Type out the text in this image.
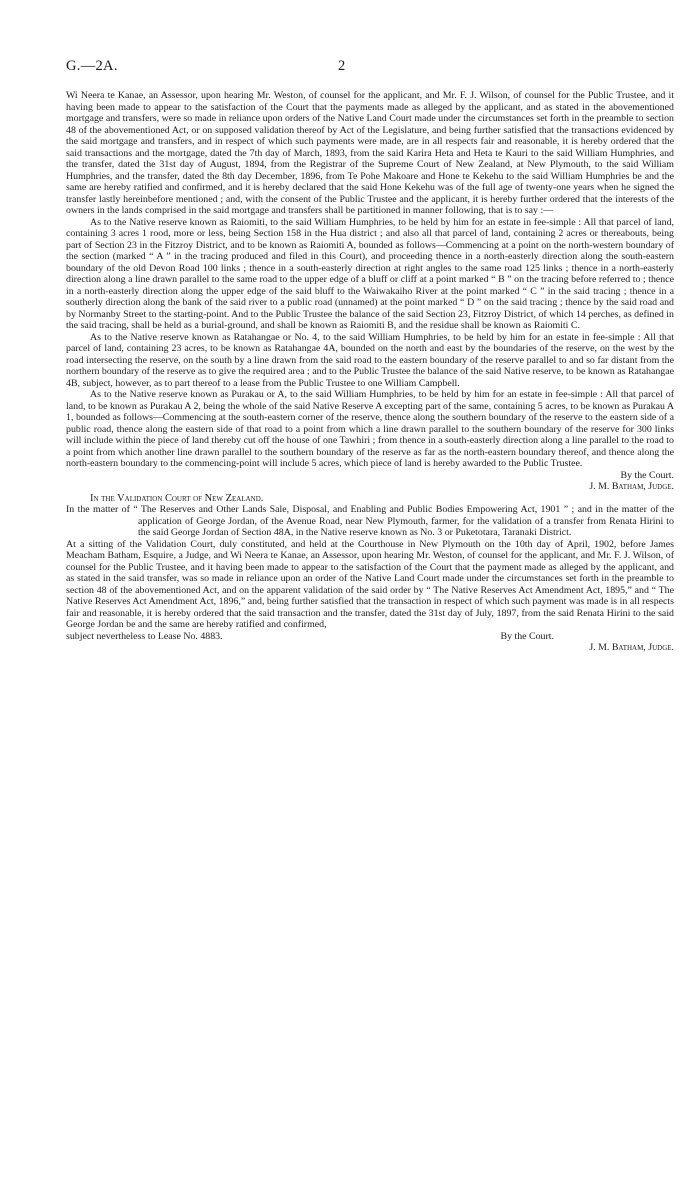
G.—2A.	2

Wi Neera te Kanae, an Assessor, upon hearing Mr. Weston, of counsel for the applicant, and Mr. F. J. Wilson, of counsel for the Public Trustee, and it having been made to appear to the satisfaction of the Court that the payments made as alleged by the applicant, and as stated in the abovementioned mortgage and transfers, were so made in reliance upon orders of the Native Land Court made under the circumstances set forth in the preamble to section 48 of the abovementioned Act, or on supposed validation thereof by Act of the Legislature, and being further satisfied that the transactions evidenced by the said mortgage and transfers, and in respect of which such payments were made, are in all respects fair and reasonable, it is hereby ordered that the said transactions and the mortgage, dated the 7th day of March, 1893, from the said Karira Heta and Heta te Kauri to the said William Humphries, and the transfer, dated the 31st day of August, 1894, from the Registrar of the Supreme Court of New Zealand, at New Plymouth, to the said William Humphries, and the transfer, dated the 8th day December, 1896, from Te Pohe Makoare and Hone te Kekehu to the said William Humphries be and the same are hereby ratified and confirmed, and it is hereby declared that the said Hone Kekehu was of the full age of twenty-one years when he signed the transfer lastly hereinbefore mentioned ; and, with the consent of the Public Trustee and the applicant, it is hereby further ordered that the interests of the owners in the lands comprised in the said mortgage and transfers shall be partitioned in manner following, that is to say :—

As to the Native reserve known as Raiomiti, to the said William Humphries, to be held by him for an estate in fee-simple : All that parcel of land, containing 3 acres 1 rood, more or less, being Section 158 in the Hua district ; and also all that parcel of land, containing 2 acres or thereabouts, being part of Section 23 in the Fitzroy District, and to be known as Raiomiti A, bounded as follows—Commencing at a point on the north-western boundary of the section (marked “ A ” in the tracing produced and filed in this Court), and proceeding thence in a north-easterly direction along the south-eastern boundary of the old Devon Road 100 links ; thence in a south-easterly direction at right angles to the same road 125 links ; thence in a north-easterly direction along a line drawn parallel to the same road to the upper edge of a bluff or cliff at a point marked “ B ” on the tracing before referred to ; thence in a north-easterly direction along the upper edge of the said bluff to the Waiwakaiho River at the point marked “ C ” in the said tracing ; thence in a southerly direction along the bank of the said river to a public road (unnamed) at the point marked “ D ” on the said tracing ; thence by the said road and by Normanby Street to the starting-point. And to the Public Trustee the balance of the said Section 23, Fitzroy District, of which 14 perches, as defined in the said tracing, shall be held as a burial-ground, and shall be known as Raiomiti B, and the residue shall be known as Raiomiti C.

As to the Native reserve known as Ratahangae or No. 4, to the said William Humphries, to be held by him for an estate in fee-simple : All that parcel of land, containing 23 acres, to be known as Ratahangae 4A, bounded on the north and east by the boundaries of the reserve, on the west by the road intersecting the reserve, on the south by a line drawn from the said road to the eastern boundary of the reserve parallel to and so far distant from the northern boundary of the reserve as to give the required area ; and to the Public Trustee the balance of the said Native reserve, to be known as Ratahangae 4B, subject, however, as to part thereof to a lease from the Public Trustee to one William Campbell.

As to the Native reserve known as Purakau or A, to the said William Humphries, to be held by him for an estate in fee-simple : All that parcel of land, to be known as Purakau A 2, being the whole of the said Native Reserve A excepting part of the same, containing 5 acres, to be known as Purakau A 1, bounded as follows—Commencing at the south-eastern corner of the reserve, thence along the southern boundary of the reserve to the eastern side of a public road, thence along the eastern side of that road to a point from which a line drawn parallel to the southern boundary of the reserve for 300 links will include within the piece of land thereby cut off the house of one Tawhiri ; from thence in a south-easterly direction along a line parallel to the road to a point from which another line drawn parallel to the southern boundary of the reserve as far as the north-eastern boundary thereof, and thence along the north-eastern boundary to the commencing-point will include 5 acres, which piece of land is hereby awarded to the Public Trustee.

By the Court.

J. M. Batham, Judge.

In the Validation Court of New Zealand.

In the matter of “ The Reserves and Other Lands Sale, Disposal, and Enabling and Public Bodies Empowering Act, 1901 ” ; and in the matter of the application of George Jordan, of the Avenue Road, near New Plymouth, farmer, for the validation of a transfer from Renata Hirini to the said George Jordan of Section 48A, in the Native reserve known as No. 3 or Puketotara, Taranaki District.

At a sitting of the Validation Court, duly constituted, and held at the Courthouse in New Plymouth on the 10th day of April, 1902, before James Meacham Batham, Esquire, a Judge, and Wi Neera te Kanae, an Assessor, upon hearing Mr. Weston, of counsel for the applicant, and Mr. F. J. Wilson, of counsel for the Public Trustee, and it having been made to appear to the satisfaction of the Court that the payment made as alleged by the applicant, and as stated in the said transfer, was so made in reliance upon an order of the Native Land Court made under the circumstances set forth in the preamble to section 48 of the abovementioned Act, and on the apparent validation of the said order by “ The Native Reserves Act Amendment Act, 1895,” and “ The Native Reserves Act Amendment Act, 1896,” and, being further satisfied that the transaction in respect of which such payment was made is in all respects fair and reasonable, it is hereby ordered that the said transaction and the transfer, dated the 31st day of July, 1897, from the said Renata Hirini to the said George Jordan be and the same are hereby ratified and confirmed,

subject nevertheless to Lease No. 4883.	By the Court.

J. M. Batham, Judge.
